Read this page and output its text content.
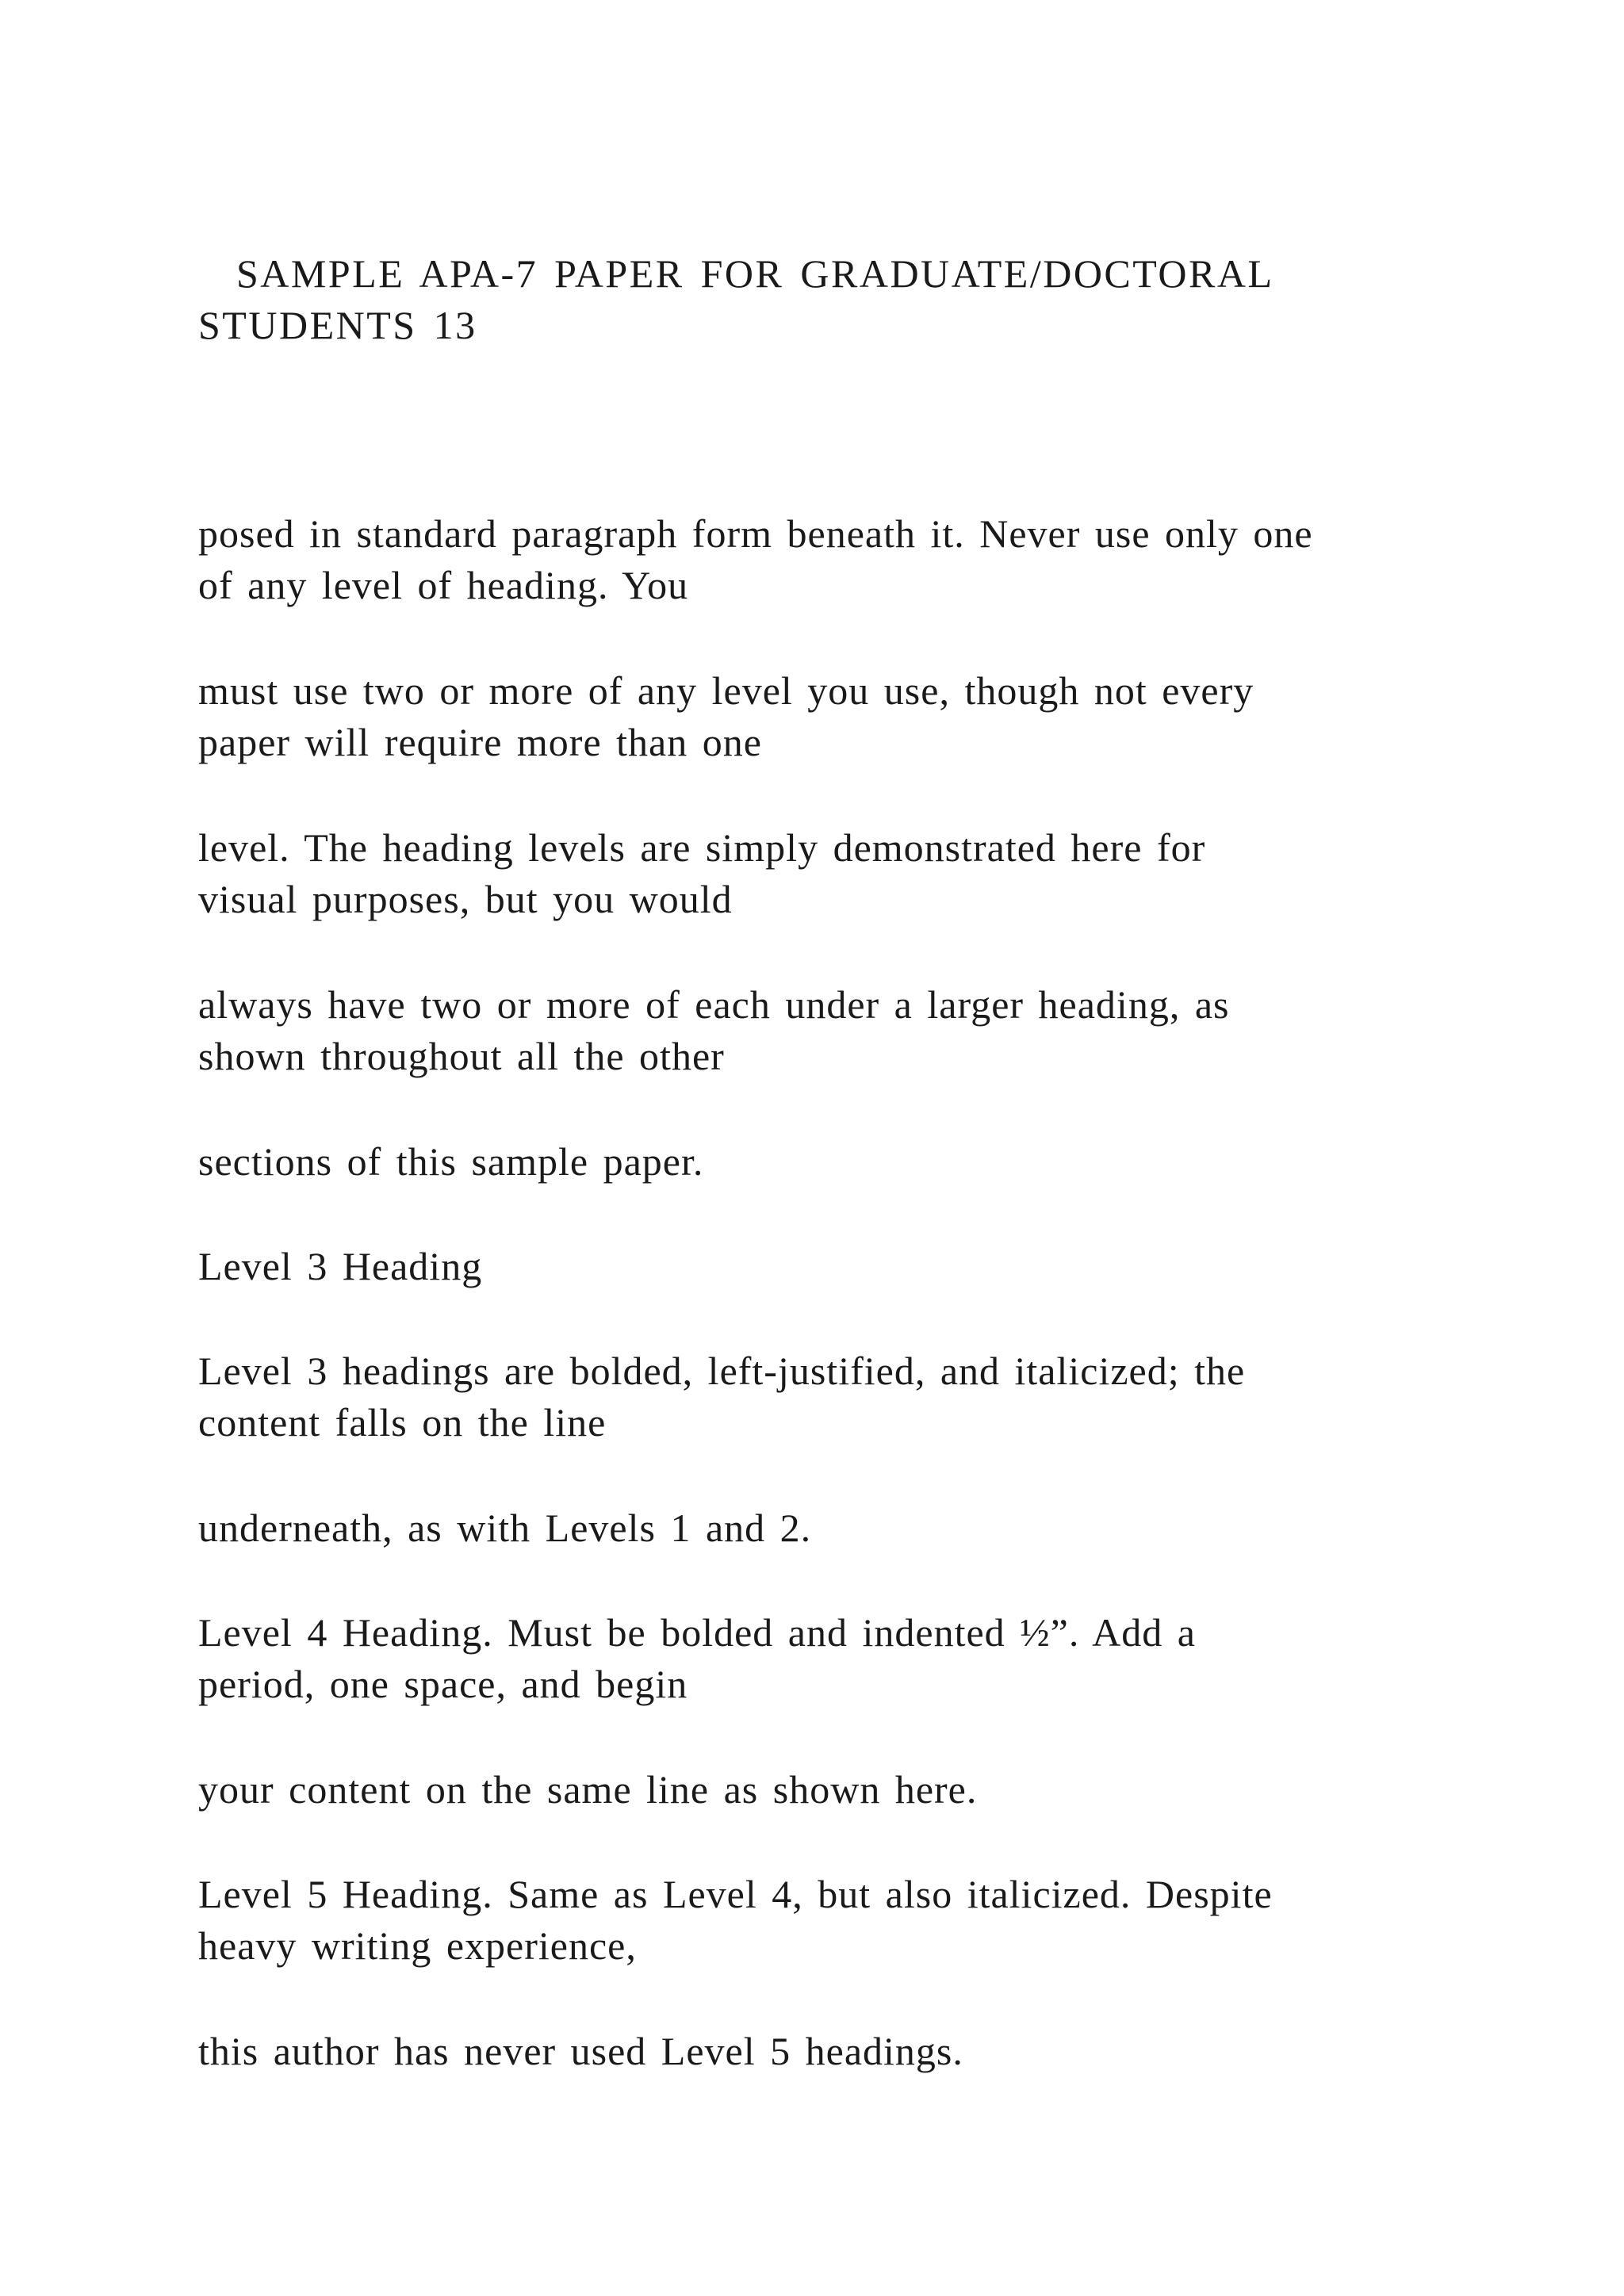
SAMPLE APA-7 PAPER FOR GRADUATE/DOCTORAL
STUDENTS 13
posed in standard paragraph form beneath it. Never use only one
of any level of heading. You
must use two or more of any level you use, though not every
paper will require more than one
level. The heading levels are simply demonstrated here for
visual purposes, but you would
always have two or more of each under a larger heading, as
shown throughout all the other
sections of this sample paper.
Level 3 Heading
Level 3 headings are bolded, left-justified, and italicized; the
content falls on the line
underneath, as with Levels 1 and 2.
Level 4 Heading. Must be bolded and indented ½”. Add a
period, one space, and begin
your content on the same line as shown here.
Level 5 Heading. Same as Level 4, but also italicized. Despite
heavy writing experience,
this author has never used Level 5 headings.
